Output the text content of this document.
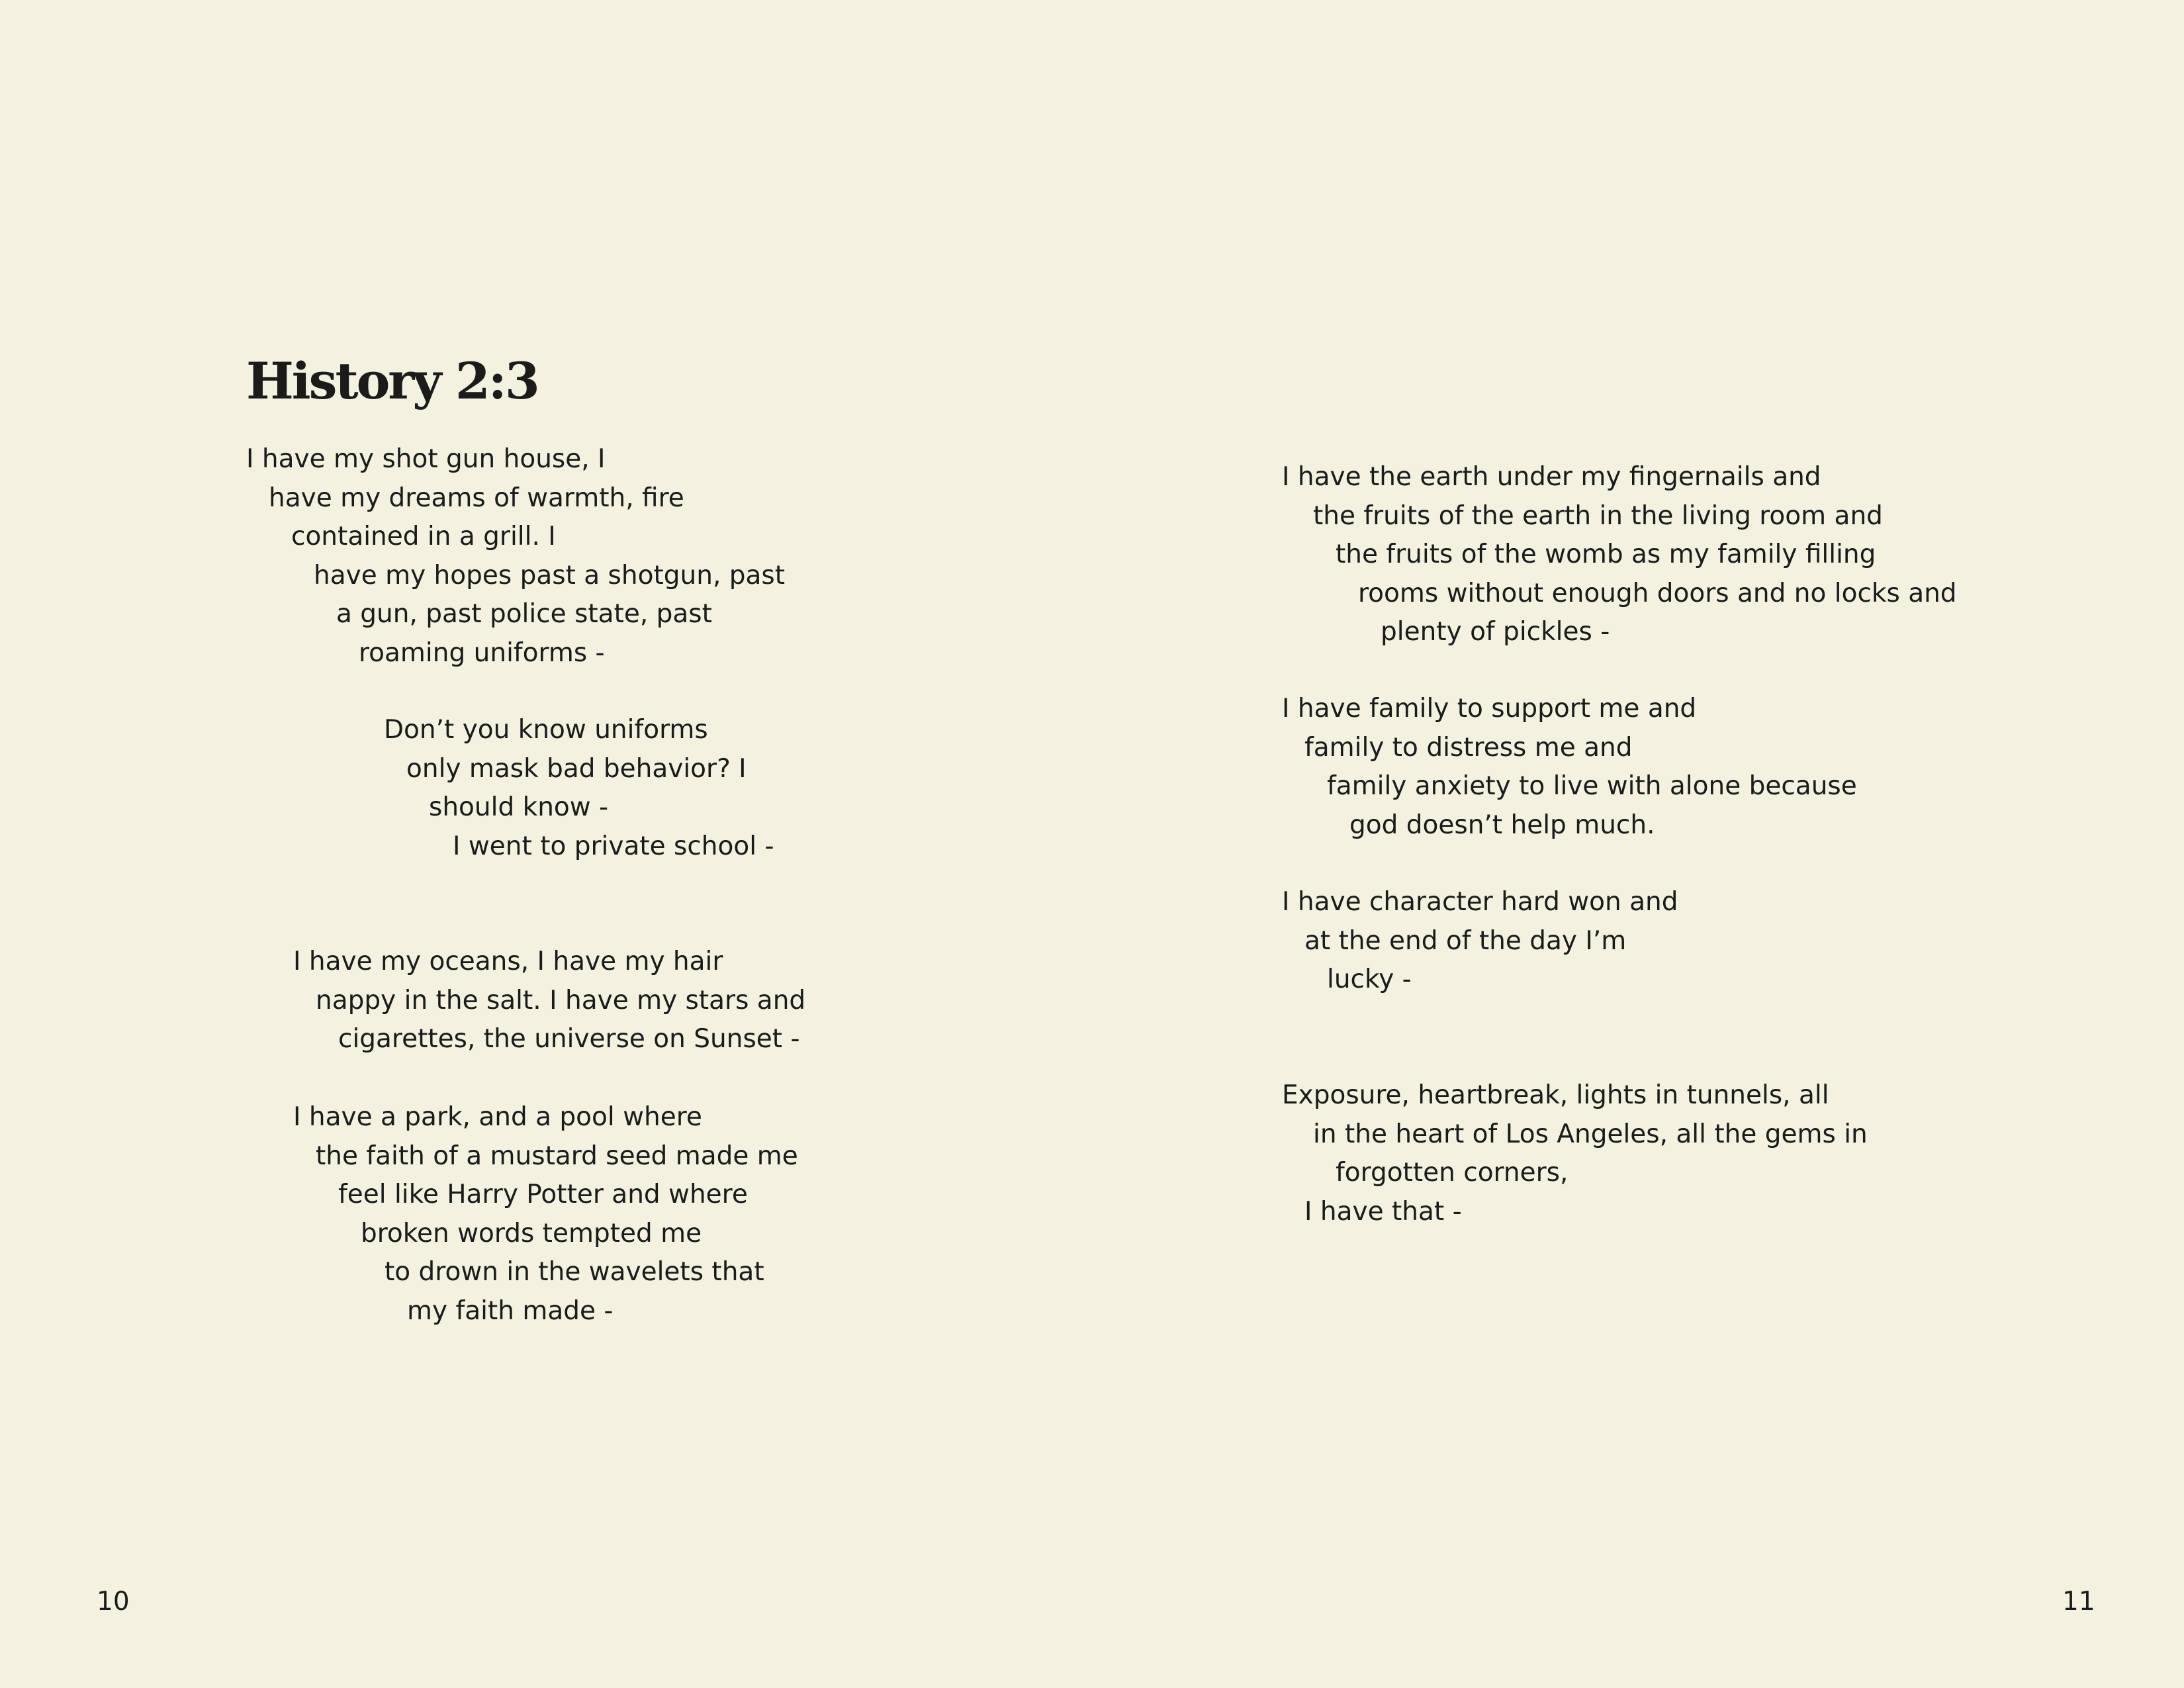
History 2:3
I have my shot gun house, I
have my dreams of warmth, fire
contained in a grill. I
have my hopes past a shotgun, past
a gun, past police state, past
roaming uniforms -
Don’t you know uniforms
only mask bad behavior? I
should know -
I went to private school -
I have my oceans, I have my hair
nappy in the salt. I have my stars and
cigarettes, the universe on Sunset -
I have a park, and a pool where
the faith of a mustard seed made me
feel like Harry Potter and where
broken words tempted me
to drown in the wavelets that
my faith made -
10
I have the earth under my fingernails and
the fruits of the earth in the living room and
the fruits of the womb as my family filling
rooms without enough doors and no locks and
plenty of pickles -
I have family to support me and
family to distress me and
family anxiety to live with alone because
god doesn’t help much.
I have character hard won and
at the end of the day I’m
lucky -
Exposure, heartbreak, lights in tunnels, all
in the heart of Los Angeles, all the gems in
forgotten corners,
I have that -
11
